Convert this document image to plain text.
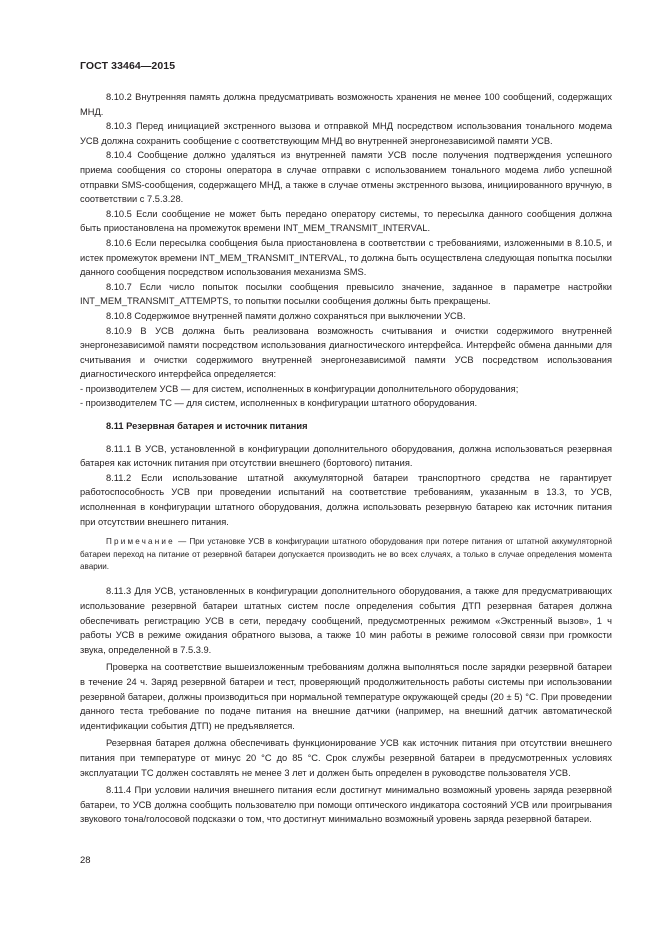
ГОСТ 33464—2015

8.10.2 Внутренняя память должна предусматривать возможность хранения не менее 100 сообщений, содержащих МНД.

8.10.3 Перед инициацией экстренного вызова и отправкой МНД посредством использования тонального модема УСВ должна сохранить сообщение с соответствующим МНД во внутренней энергонезависимой памяти УСВ.

8.10.4 Сообщение должно удаляться из внутренней памяти УСВ после получения подтверждения успешного приема сообщения со стороны оператора в случае отправки с использованием тонального модема либо успешной отправки SMS-сообщения, содержащего МНД, а также в случае отмены экстренного вызова, инициированного вручную, в соответствии с 7.5.3.28.

8.10.5 Если сообщение не может быть передано оператору системы, то пересылка данного сообщения должна быть приостановлена на промежуток времени INT_MEM_TRANSMIT_INTERVAL.

8.10.6 Если пересылка сообщения была приостановлена в соответствии с требованиями, изложенными в 8.10.5, и истек промежуток времени INT_MEM_TRANSMIT_INTERVAL, то должна быть осуществлена следующая попытка посылки данного сообщения посредством использования механизма SMS.

8.10.7 Если число попыток посылки сообщения превысило значение, заданное в параметре настройки INT_MEM_TRANSMIT_ATTEMPTS, то попытки посылки сообщения должны быть прекращены.

8.10.8 Содержимое внутренней памяти должно сохраняться при выключении УСВ.

8.10.9 В УСВ должна быть реализована возможность считывания и очистки содержимого внутренней энергонезависимой памяти посредством использования диагностического интерфейса. Интерфейс обмена данными для считывания и очистки содержимого внутренней энергонезависимой памяти УСВ посредством использования диагностического интерфейса определяется:

- производителем УСВ — для систем, исполненных в конфигурации дополнительного оборудования;

- производителем ТС — для систем, исполненных в конфигурации штатного оборудования.

8.11 Резервная батарея и источник питания

8.11.1 В УСВ, установленной в конфигурации дополнительного оборудования, должна использоваться резервная батарея как источник питания при отсутствии внешнего (бортового) питания.

8.11.2 Если использование штатной аккумуляторной батареи транспортного средства не гарантирует работоспособность УСВ при проведении испытаний на соответствие требованиям, указанным в 13.3, то УСВ, исполненная в конфигурации штатного оборудования, должна использовать резервную батарею как источник питания при отсутствии внешнего питания.

Примечание — При установке УСВ в конфигурации штатного оборудования при потере питания от штатной аккумуляторной батареи переход на питание от резервной батареи допускается производить не во всех случаях, а только в случае определения момента аварии.

8.11.3 Для УСВ, установленных в конфигурации дополнительного оборудования, а также для предусматривающих использование резервной батареи штатных систем после определения события ДТП резервная батарея должна обеспечивать регистрацию УСВ в сети, передачу сообщений, предусмотренных режимом «Экстренный вызов», 1 ч работы УСВ в режиме ожидания обратного вызова, а также 10 мин работы в режиме голосовой связи при громкости звука, определенной в 7.5.3.9.

Проверка на соответствие вышеизложенным требованиям должна выполняться после зарядки резервной батареи в течение 24 ч. Заряд резервной батареи и тест, проверяющий продолжительность работы системы при использовании резервной батареи, должны производиться при нормальной температуре окружающей среды (20 ± 5) °С. При проведении данного теста требование по подаче питания на внешние датчики (например, на внешний датчик автоматической идентификации события ДТП) не предъявляется.

Резервная батарея должна обеспечивать функционирование УСВ как источник питания при отсутствии внешнего питания при температуре от минус 20 °С до 85 °С. Срок службы резервной батареи в предусмотренных условиях эксплуатации ТС должен составлять не менее 3 лет и должен быть определен в руководстве пользователя УСВ.

8.11.4 При условии наличия внешнего питания если достигнут минимально возможный уровень заряда резервной батареи, то УСВ должна сообщить пользователю при помощи оптического индикатора состояний УСВ или проигрывания звукового тона/голосовой подсказки о том, что достигнут минимально возможный уровень заряда резервной батареи.

28
